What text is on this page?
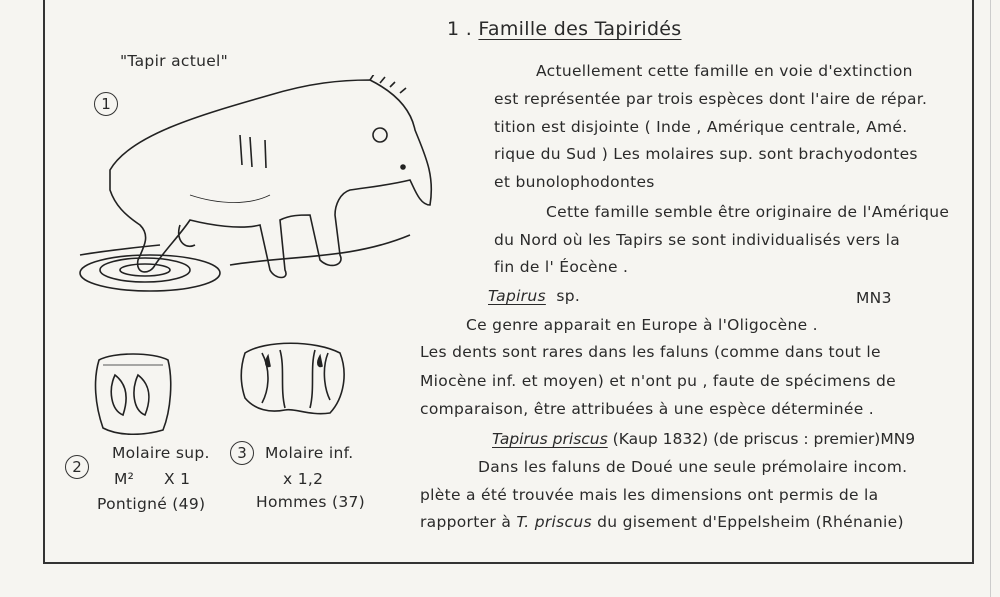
1 . Famille des Tapiridés
Actuellement cette famille en voie d'extinction
est représentée par trois espèces dont l'aire de répar.
tition est disjointe ( Inde , Amérique centrale, Amé.
rique du Sud ) Les molaires sup. sont brachyodontes
et bunolophodontes
Cette famille semble être originaire de l'Amérique
du Nord où les Tapirs se sont individualisés vers la
fin de l' Éocène .
Tapirus sp.	MN3
Ce genre apparait en Europe à l'Oligocène .
Les dents sont rares dans les faluns (comme dans tout le
Miocène inf. et moyen) et n'ont pu , faute de spécimens de
comparaison, être attribuées à une espèce déterminée .
Tapirus priscus (Kaup 1832) (de priscus : premier)MN9
Dans les faluns de Doué une seule prémolaire incom.
plète a été trouvée mais les dimensions ont permis de la
rapporter à T. priscus du gisement d'Eppelsheim (Rhénanie)
"Tapir actuel"
1
2
Molaire sup.
M² X 1
Pontigné (49)
3	Molaire inf.
x 1,2
Hommes (37)
